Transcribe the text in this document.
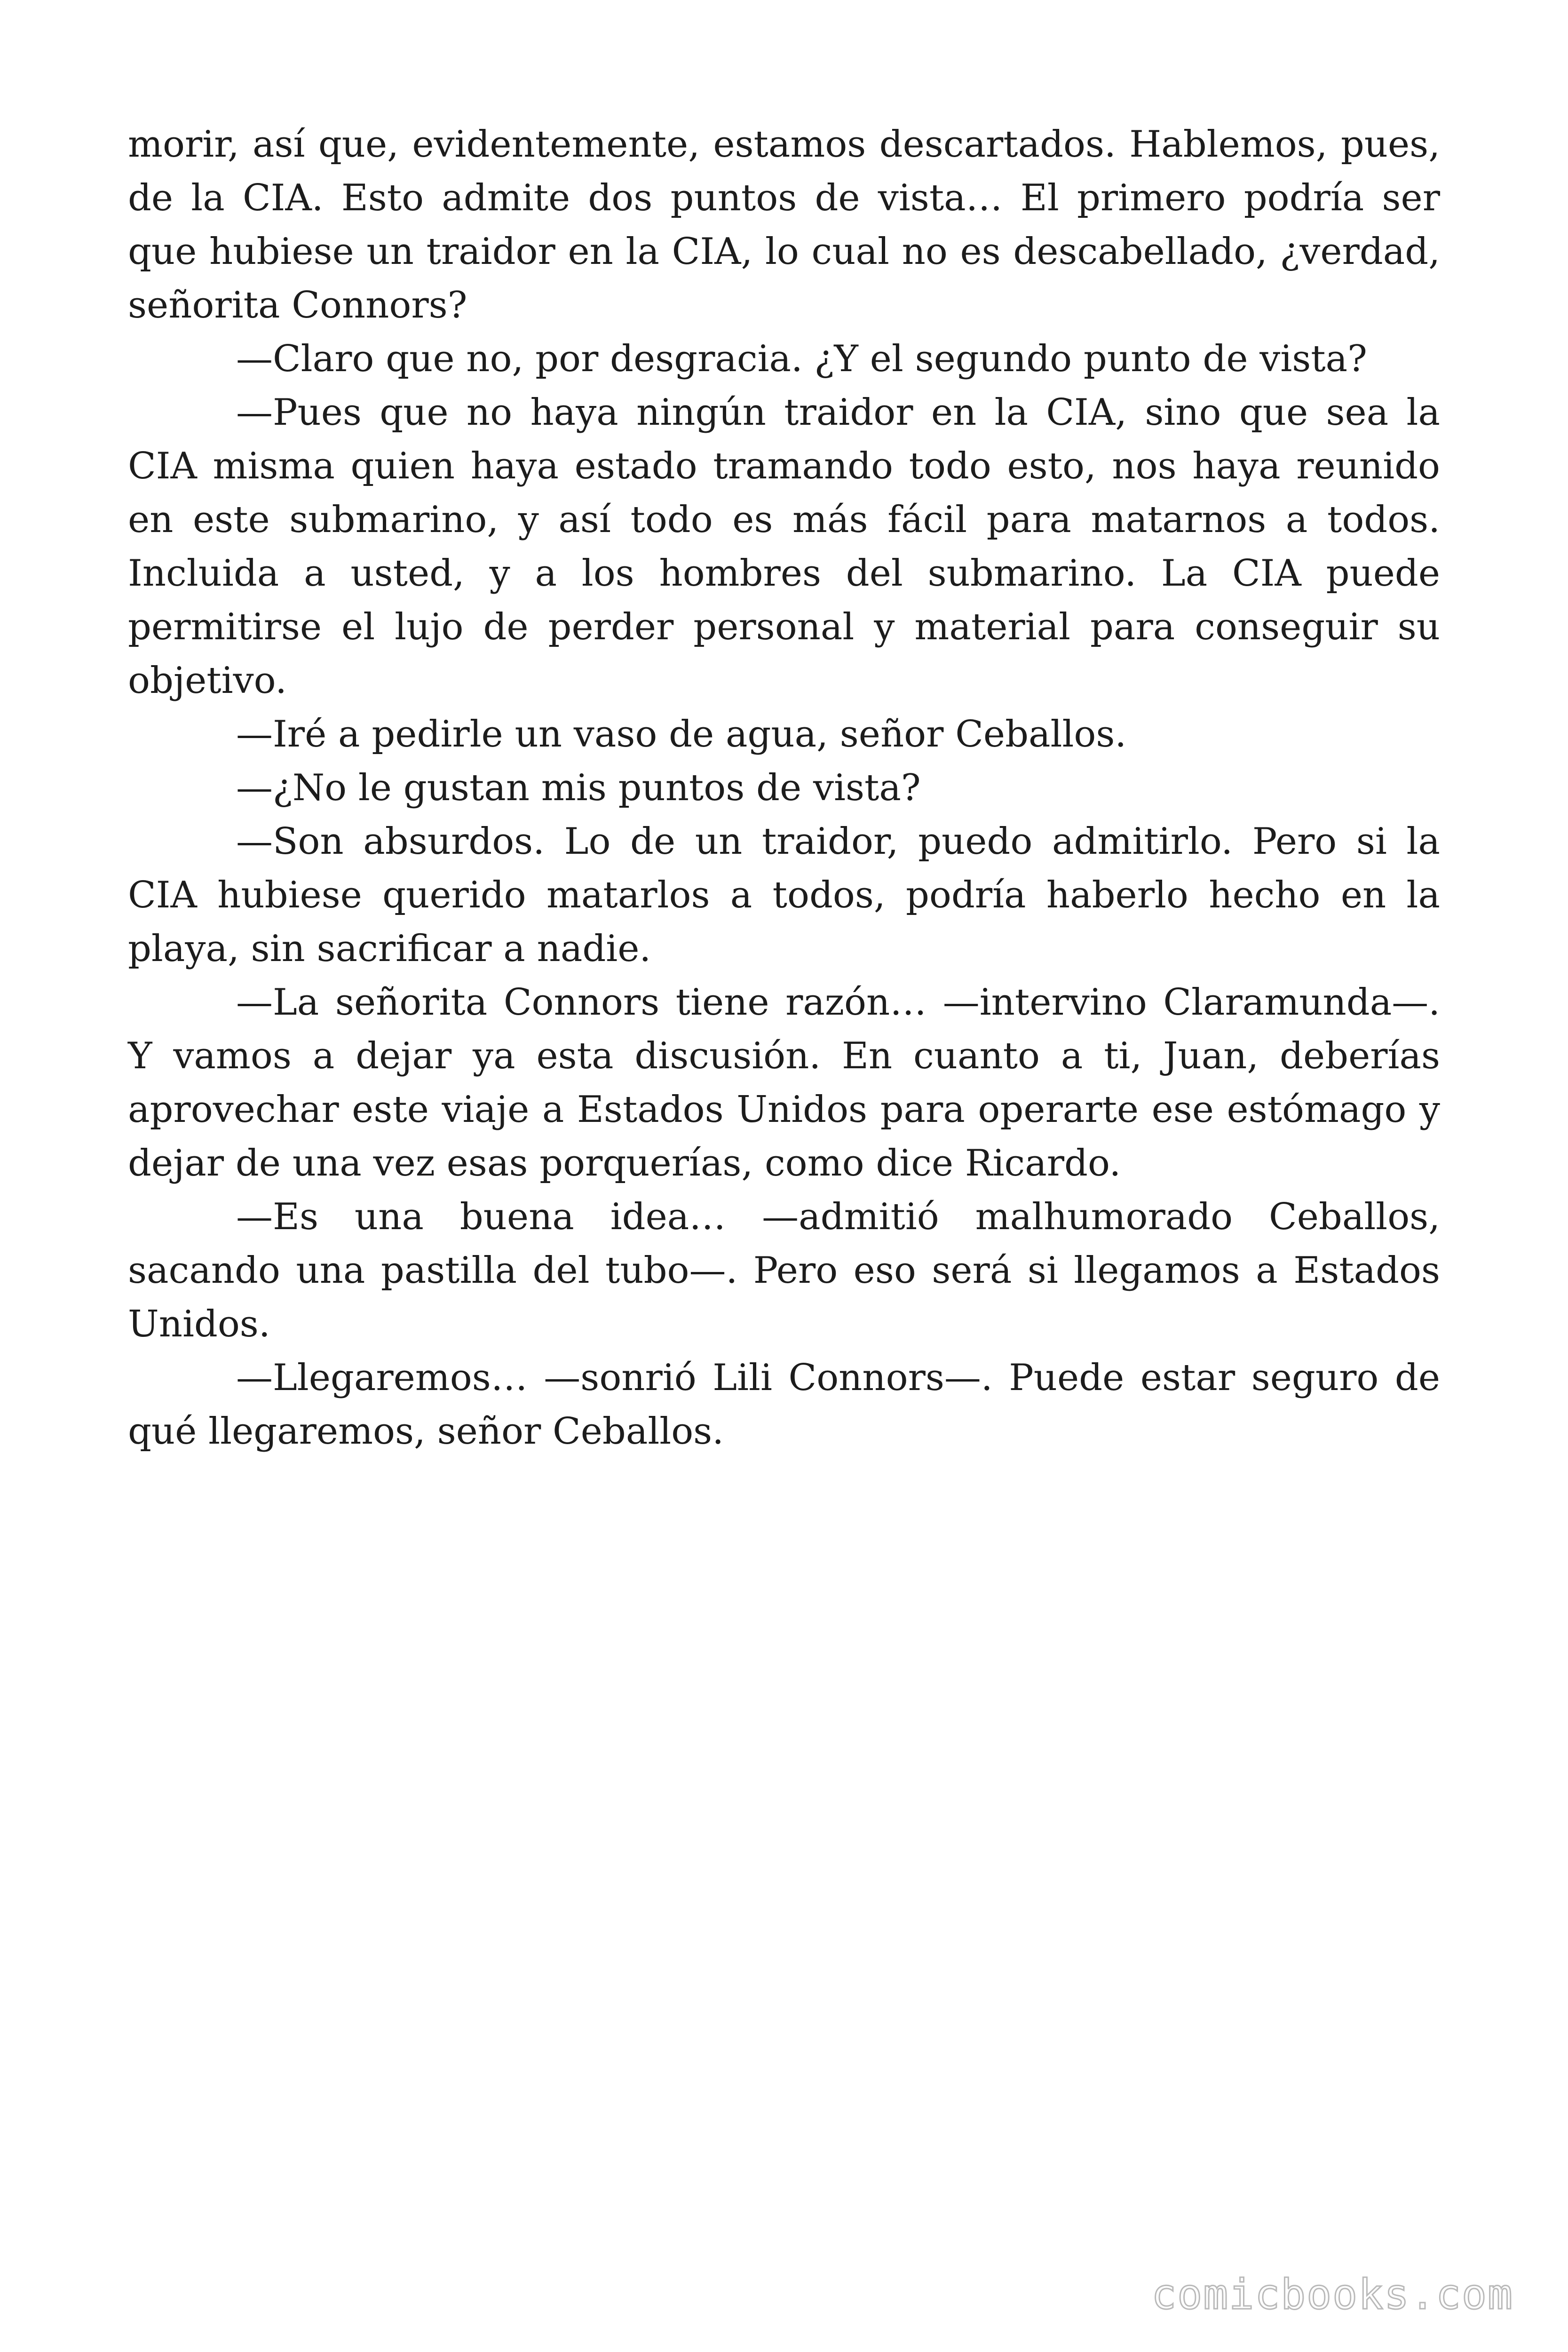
morir, así que, evidentemente, estamos descartados. Hablemos, pues, de la CIA. Esto admite dos puntos de vista… El primero podría ser que hubiese un traidor en la CIA, lo cual no es descabellado, ¿verdad, señorita Connors?

—Claro que no, por desgracia. ¿Y el segundo punto de vista?

—Pues que no haya ningún traidor en la CIA, sino que sea la CIA misma quien haya estado tramando todo esto, nos haya reunido en este submarino, y así todo es más fácil para matarnos a todos. Incluida a usted, y a los hombres del submarino. La CIA puede permitirse el lujo de perder personal y material para conseguir su objetivo.

—Iré a pedirle un vaso de agua, señor Ceballos.

—¿No le gustan mis puntos de vista?

—Son absurdos. Lo de un traidor, puedo admitirlo. Pero si la CIA hubiese querido matarlos a todos, podría haberlo hecho en la playa, sin sacrificar a nadie.

—La señorita Connors tiene razón… —intervino Claramunda—. Y vamos a dejar ya esta discusión. En cuanto a ti, Juan, deberías aprovechar este viaje a Estados Unidos para operarte ese estómago y dejar de una vez esas porquerías, como dice Ricardo.

—Es una buena idea… —admitió malhumorado Ceballos, sacando una pastilla del tubo—. Pero eso será si llegamos a Estados Unidos.

—Llegaremos… —sonrió Lili Connors—. Puede estar seguro de qué llegaremos, señor Ceballos.

comicbooks.com
